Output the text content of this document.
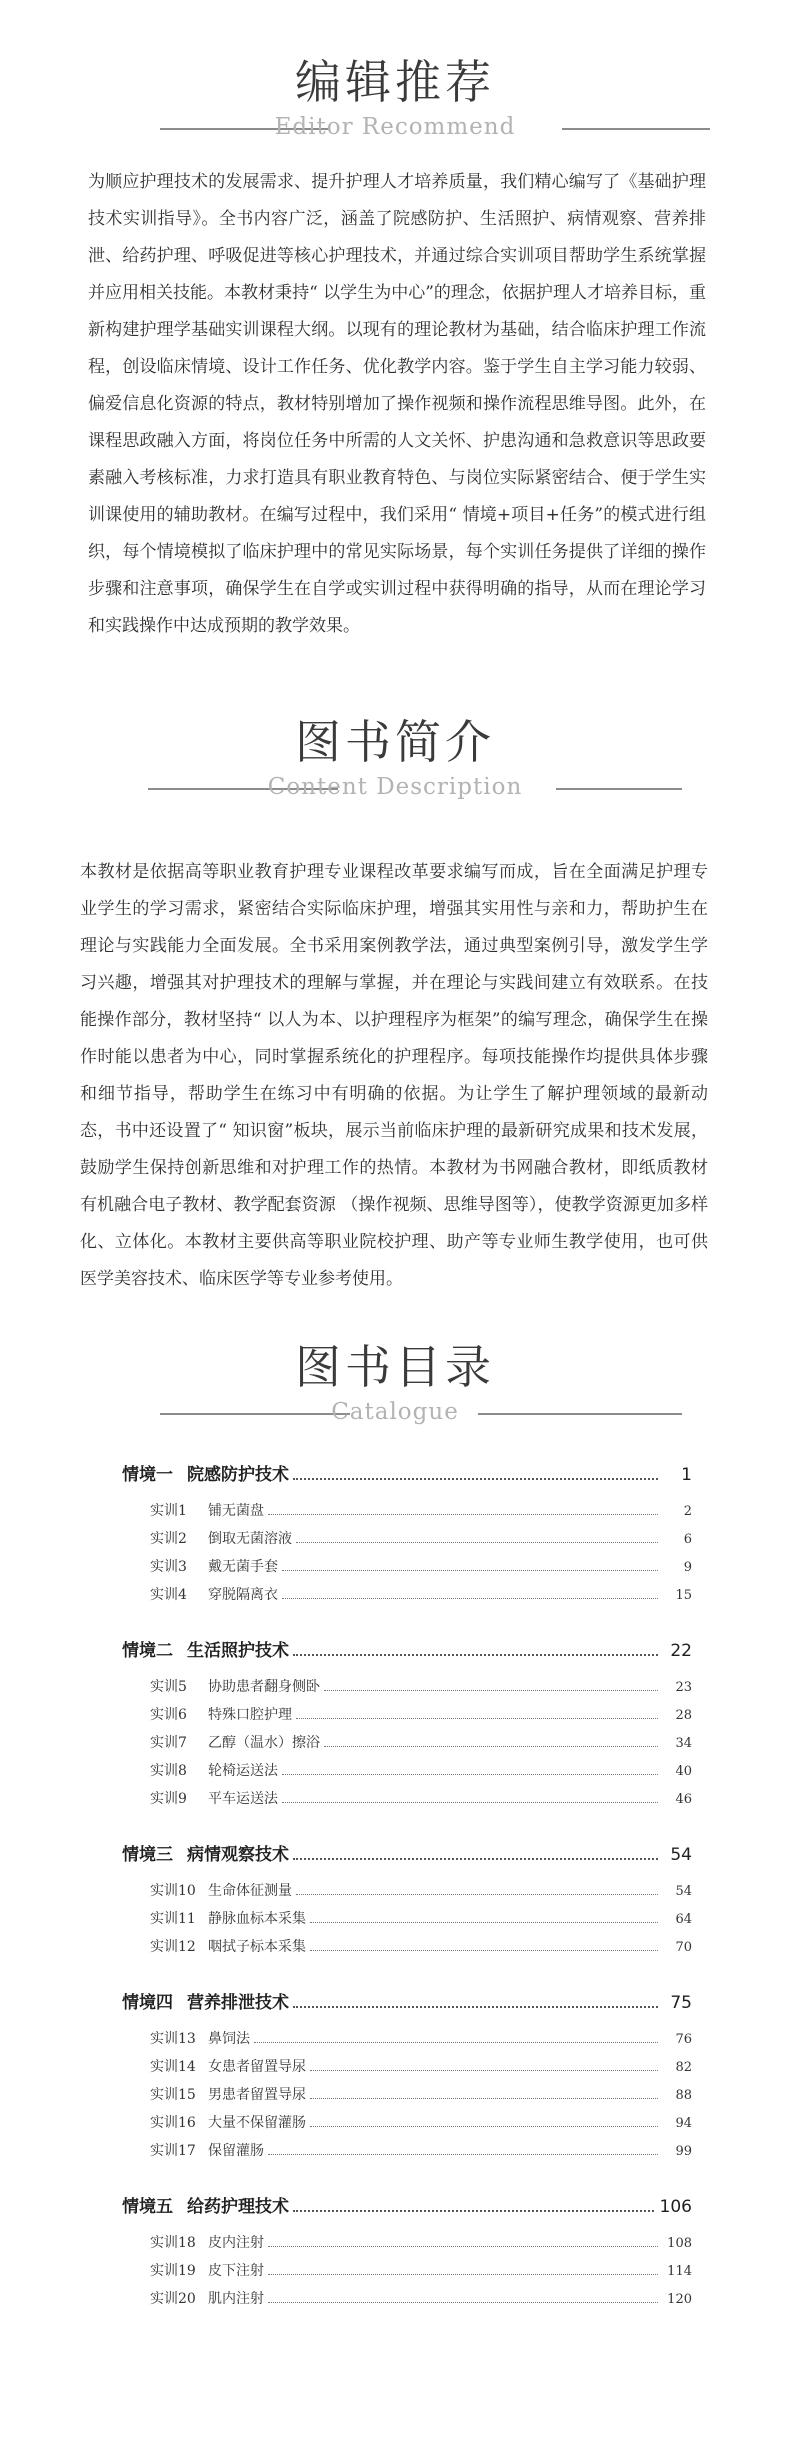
编辑推荐
Editor Recommend

为顺应护理技术的发展需求、提升护理人才培养质量，我们精心编写了《基础护理技术实训指导》。全书内容广泛，涵盖了院感防护、生活照护、病情观察、营养排泄、给药护理、呼吸促进等核心护理技术，并通过综合实训项目帮助学生系统掌握并应用相关技能。本教材秉持“ 以学生为中心”的理念，依据护理人才培养目标，重新构建护理学基础实训课程大纲。以现有的理论教材为基础，结合临床护理工作流程，创设临床情境、设计工作任务、优化教学内容。鉴于学生自主学习能力较弱、偏爱信息化资源的特点，教材特别增加了操作视频和操作流程思维导图。此外，在课程思政融入方面，将岗位任务中所需的人文关怀、护患沟通和急救意识等思政要素融入考核标准，力求打造具有职业教育特色、与岗位实际紧密结合、便于学生实训课使用的辅助教材。在编写过程中，我们采用“ 情境+项目+任务”的模式进行组织，每个情境模拟了临床护理中的常见实际场景，每个实训任务提供了详细的操作步骤和注意事项，确保学生在自学或实训过程中获得明确的指导，从而在理论学习和实践操作中达成预期的教学效果。

图书简介
Content Description

本教材是依据高等职业教育护理专业课程改革要求编写而成，旨在全面满足护理专业学生的学习需求，紧密结合实际临床护理，增强其实用性与亲和力，帮助护生在理论与实践能力全面发展。全书采用案例教学法，通过典型案例引导，激发学生学习兴趣，增强其对护理技术的理解与掌握，并在理论与实践间建立有效联系。在技能操作部分，教材坚持“ 以人为本、以护理程序为框架”的编写理念，确保学生在操作时能以患者为中心，同时掌握系统化的护理程序。每项技能操作均提供具体步骤和细节指导，帮助学生在练习中有明确的依据。为让学生了解护理领域的最新动态，书中还设置了“ 知识窗”板块，展示当前临床护理的最新研究成果和技术发展，鼓励学生保持创新思维和对护理工作的热情。本教材为书网融合教材，即纸质教材有机融合电子教材、教学配套资源 （操作视频、思维导图等），使教学资源更加多样化、立体化。本教材主要供高等职业院校护理、助产等专业师生教学使用，也可供医学美容技术、临床医学等专业参考使用。

图书目录
Catalogue
情境一 院感防护技术	1
实训1	铺无菌盘	2
实训2	倒取无菌溶液	6
实训3	戴无菌手套	9
实训4	穿脱隔离衣	15
情境二 生活照护技术	22
实训5	协助患者翻身侧卧	23
实训6	特殊口腔护理	28
实训7	乙醇（温水）擦浴	34
实训8	轮椅运送法	40
实训9	平车运送法	46
情境三 病情观察技术	54
实训10 生命体征测量	54
实训11 静脉血标本采集	64
实训12 咽拭子标本采集	70
情境四 营养排泄技术	75
实训13 鼻饲法	76
实训14 女患者留置导尿	82
实训15 男患者留置导尿	88
实训16 大量不保留灌肠	94
实训17 保留灌肠	99
情境五 给药护理技术	106
实训18 皮内注射	108
实训19 皮下注射	114
实训20 肌内注射	120
